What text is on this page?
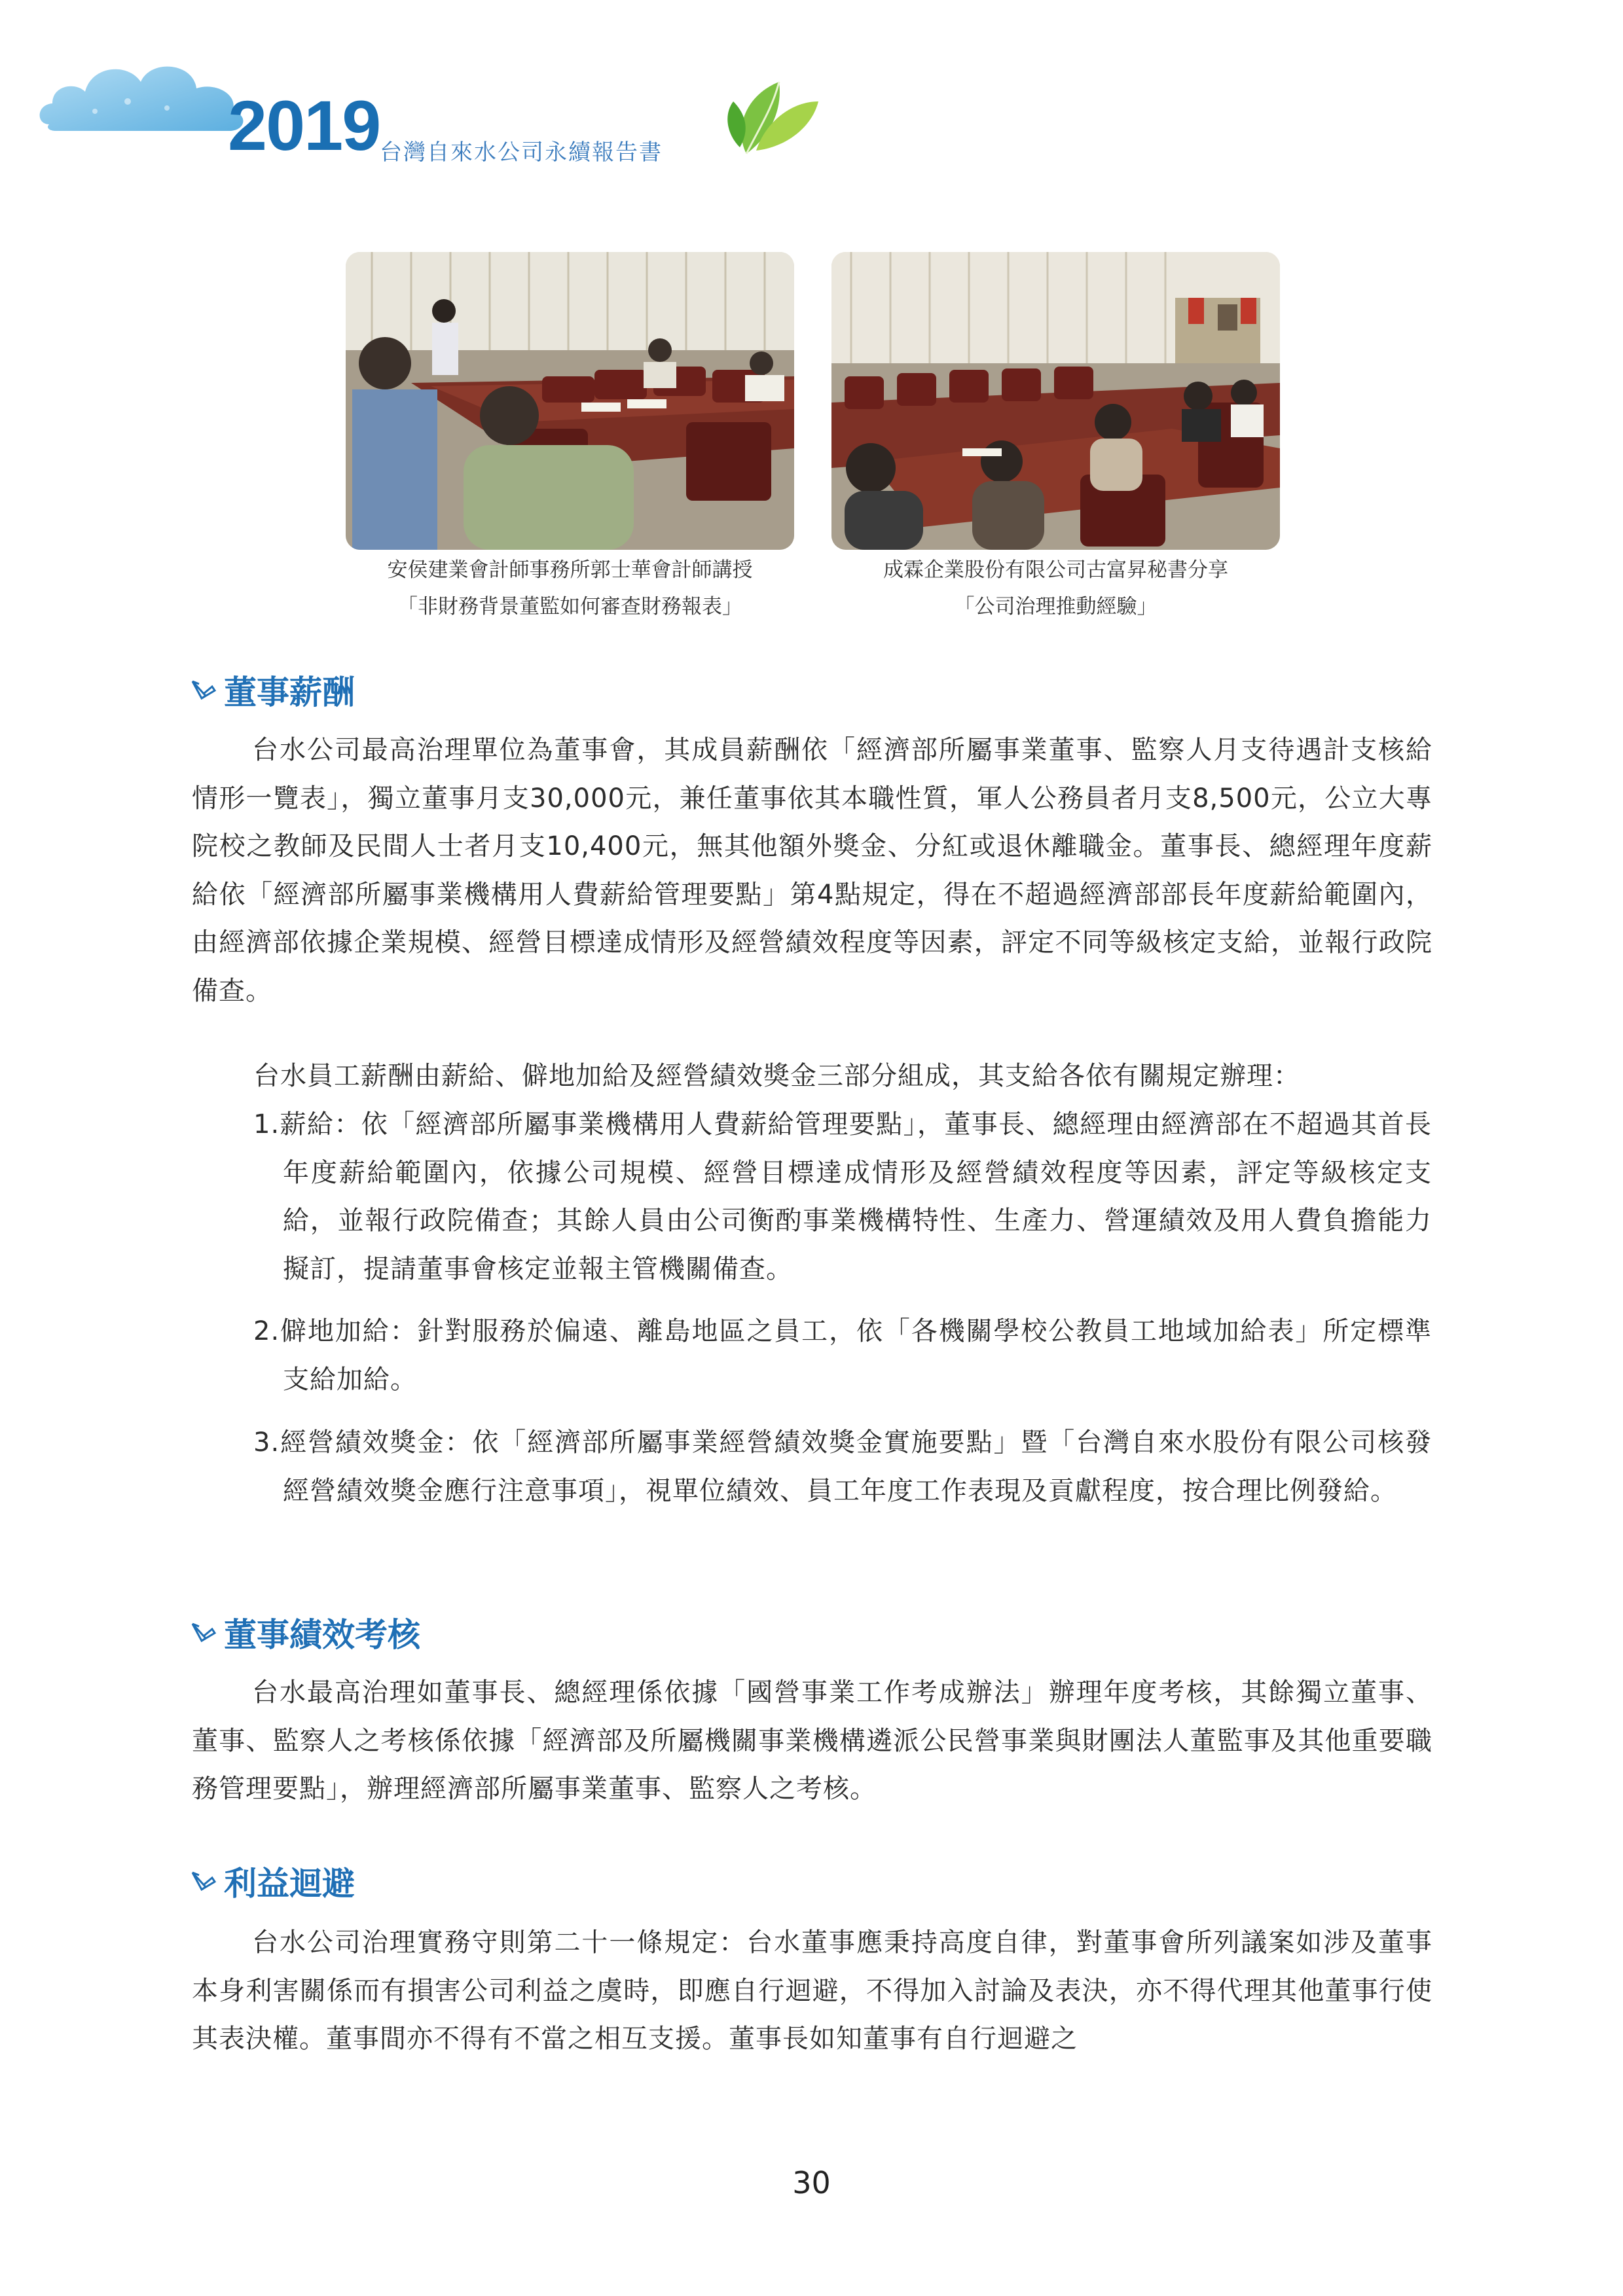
2019 台灣自來水公司永續報告書
安侯建業會計師事務所郭士華會計師講授
「非財務背景董監如何審查財務報表」
成霖企業股份有限公司古富昇秘書分享
「公司治理推動經驗」
董事薪酬
台水公司最高治理單位為董事會，其成員薪酬依「經濟部所屬事業董事、監察人月支待遇計支核給情形一覽表」，獨立董事月支30,000元，兼任董事依其本職性質，軍人公務員者月支8,500元，公立大專院校之教師及民間人士者月支10,400元，無其他額外獎金、分紅或退休離職金。董事長、總經理年度薪給依「經濟部所屬事業機構用人費薪給管理要點」第4點規定，得在不超過經濟部部長年度薪給範圍內，由經濟部依據企業規模、經營目標達成情形及經營績效程度等因素，評定不同等級核定支給，並報行政院備查。
台水員工薪酬由薪給、僻地加給及經營績效獎金三部分組成，其支給各依有關規定辦理：
1.薪給：依「經濟部所屬事業機構用人費薪給管理要點」，董事長、總經理由經濟部在不超過其首長年度薪給範圍內，依據公司規模、經營目標達成情形及經營績效程度等因素，評定等級核定支給，並報行政院備查；其餘人員由公司衡酌事業機構特性、生產力、營運績效及用人費負擔能力擬訂，提請董事會核定並報主管機關備查。
2.僻地加給：針對服務於偏遠、離島地區之員工，依「各機關學校公教員工地域加給表」所定標準支給加給。
3.經營績效獎金：依「經濟部所屬事業經營績效獎金實施要點」暨「台灣自來水股份有限公司核發經營績效獎金應行注意事項」，視單位績效、員工年度工作表現及貢獻程度，按合理比例發給。
董事績效考核
台水最高治理如董事長、總經理係依據「國營事業工作考成辦法」辦理年度考核，其餘獨立董事、董事、監察人之考核係依據「經濟部及所屬機關事業機構遴派公民營事業與財團法人董監事及其他重要職務管理要點」，辦理經濟部所屬事業董事、監察人之考核。
利益迴避
台水公司治理實務守則第二十一條規定：台水董事應秉持高度自律，對董事會所列議案如涉及董事本身利害關係而有損害公司利益之虞時，即應自行迴避，不得加入討論及表決，亦不得代理其他董事行使其表決權。董事間亦不得有不當之相互支援。董事長如知董事有自行迴避之
30
